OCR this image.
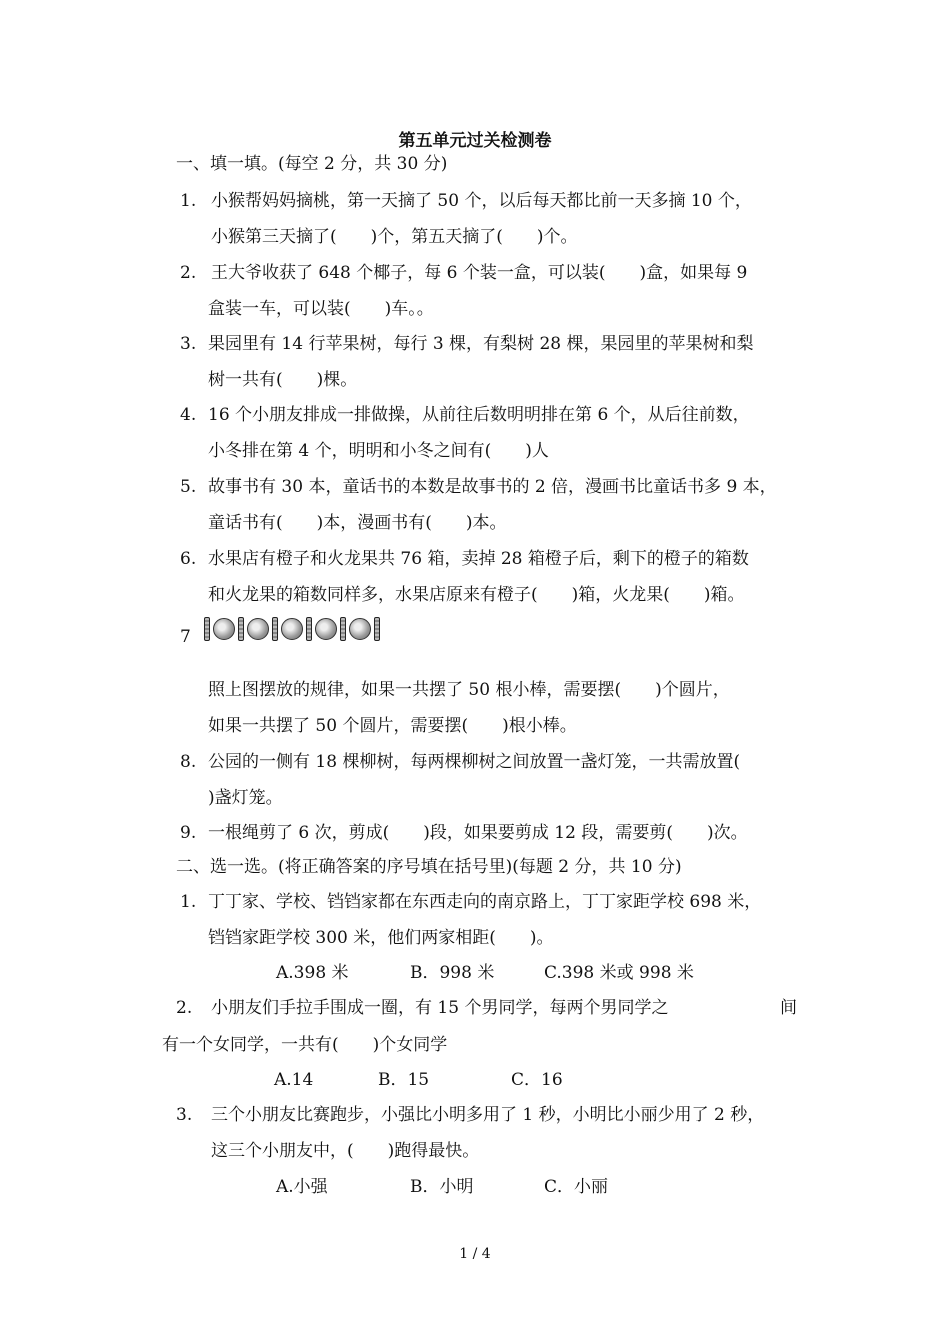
第五单元过关检测卷
一、填一填。(每空 2 分，共 30 分)
1. 小猴帮妈妈摘桃，第一天摘了 50 个，以后每天都比前一天多摘 10 个，
小猴第三天摘了(　　)个，第五天摘了(　　)个。
2. 王大爷收获了 648 个椰子，每 6 个装一盒，可以装(　　)盒，如果每 9
盒装一车，可以装(　　)车。。
3. 果园里有 14 行苹果树，每行 3 棵，有梨树 28 棵，果园里的苹果树和梨
树一共有(　　)棵。
4. 16 个小朋友排成一排做操，从前往后数明明排在第 6 个，从后往前数，
小冬排在第 4 个，明明和小冬之间有(　　)人
5. 故事书有 30 本，童话书的本数是故事书的 2 倍，漫画书比童话书多 9 本，
童话书有(　　)本，漫画书有(　　)本。
6. 水果店有橙子和火龙果共 76 箱，卖掉 28 箱橙子后，剩下的橙子的箱数
和火龙果的箱数同样多，水果店原来有橙子(　　)箱，火龙果(　　)箱。
7
照上图摆放的规律，如果一共摆了 50 根小棒，需要摆(　　)个圆片，
如果一共摆了 50 个圆片，需要摆(　　)根小棒。
8. 公园的一侧有 18 棵柳树，每两棵柳树之间放置一盏灯笼，一共需放置(
)盏灯笼。
9. 一根绳剪了 6 次，剪成(　　)段，如果要剪成 12 段，需要剪(　　)次。
二、选一选。(将正确答案的序号填在括号里)(每题 2 分，共 10 分)
1. 丁丁家、学校、铛铛家都在东西走向的南京路上，丁丁家距学校 698 米，
铛铛家距学校 300 米，他们两家相距(　　)。
A.398 米	B．998 米	C.398 米或 998 米
2. 小朋友们手拉手围成一圈，有 15 个男同学，每两个男同学之	间
有一个女同学，一共有(　　)个女同学
A.14	B．15	C．16
3. 三个小朋友比赛跑步，小强比小明多用了 1 秒，小明比小丽少用了 2 秒，
这三个小朋友中，(　　)跑得最快。
A.小强	B．小明	C．小丽
1 / 4
